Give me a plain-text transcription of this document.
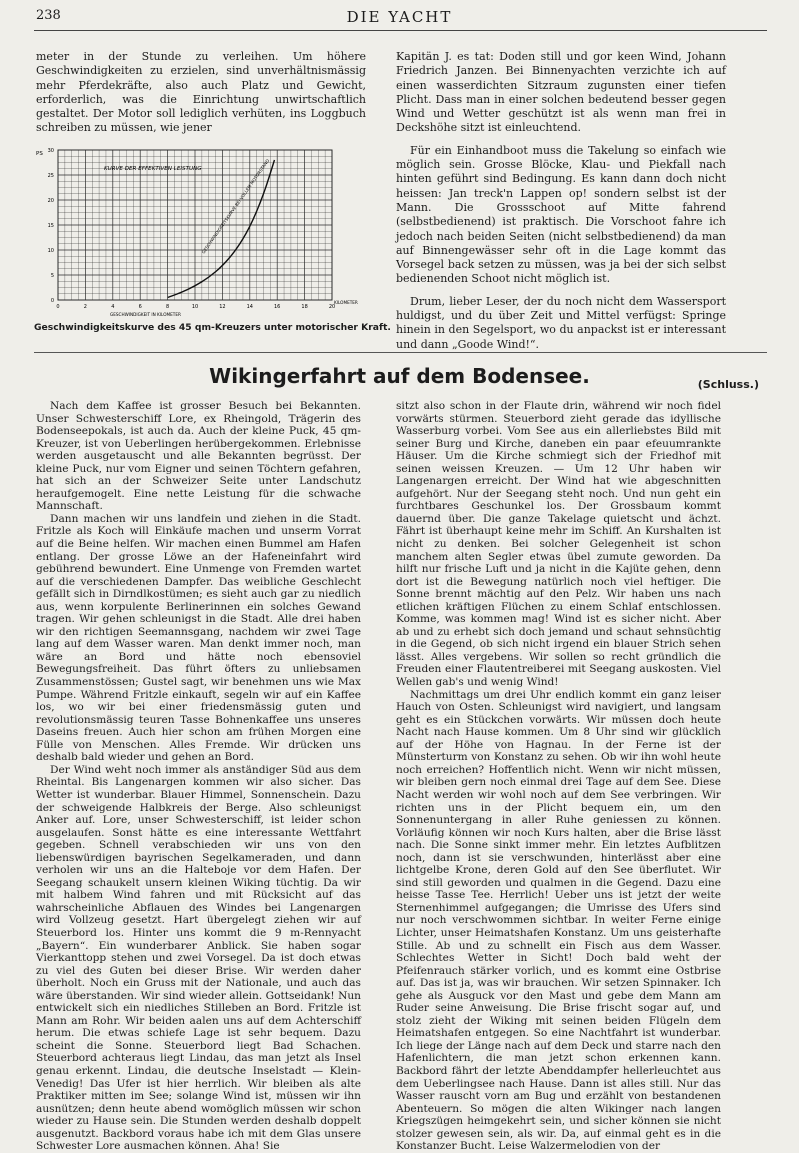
238	DIE YACHT

meter in der Stunde zu verleihen. Um höhere Geschwindigkeiten zu erzielen, sind unverhältnismässig mehr Pferdekräfte, also auch Platz und Gewicht, erforderlich, was die Einrichtung unwirtschaftlich gestaltet. Der Motor soll lediglich verhüten, ins Loggbuch schreiben zu müssen, wie jener

0	2	4	6	8	10	12	14	16	18	20
0
5
10
15
20
25
30
KURVE DER EFFEKTIVEN LEISTUNG GESCHWINDIGKEITSKURVE BEI VOLLEM MOTORSTAND
PS
GESCHWINDIGKEIT IN KILOMETER
KILOMETER
Geschwindigkeitskurve des 45 qm-Kreuzers unter motorischer Kraft.

Kapitän J. es tat: Doden still und gor keen Wind, Johann Friedrich Janzen. Bei Binnenyachten verzichte ich auf einen wasserdichten Sitzraum zugunsten einer tiefen Plicht. Dass man in einer solchen bedeutend besser gegen Wind und Wetter geschützt ist als wenn man frei in Deckshöhe sitzt ist einleuchtend.

Für ein Einhandboot muss die Takelung so einfach wie möglich sein. Grosse Blöcke, Klau- und Piekfall nach hinten geführt sind Bedingung. Es kann dann doch nicht heissen: Jan treck'n Lappen op! sondern selbst ist der Mann. Die Grossschoot auf Mitte fahrend (selbstbedienend) ist praktisch. Die Vorschoot fahre ich jedoch nach beiden Seiten (nicht selbstbedienend) da man auf Binnengewässer sehr oft in die Lage kommt das Vorsegel back setzen zu müssen, was ja bei der sich selbst bedienenden Schoot nicht möglich ist.

Drum, lieber Leser, der du noch nicht dem Wassersport huldigst, und du über Zeit und Mittel verfügst: Springe hinein in den Segelsport, wo du anpackst ist er interessant und dann „Goode Wind!“.

Wikingerfahrt auf dem Bodensee.	(Schluss.)

Nach dem Kaffee ist grosser Besuch bei Bekannten. Unser Schwesterschiff Lore, ex Rheingold, Trägerin des Bodenseepokals, ist auch da. Auch der kleine Puck, 45 qm-Kreuzer, ist von Ueberlingen herübergekommen. Erlebnisse werden ausgetauscht und alle Bekannten begrüsst. Der kleine Puck, nur vom Eigner und seinen Töchtern gefahren, hat sich an der Schweizer Seite unter Landschutz heraufgemogelt. Eine nette Leistung für die schwache Mannschaft.

Dann machen wir uns landfein und ziehen in die Stadt. Fritzle als Koch will Einkäufe machen und unserm Vorrat auf die Beine helfen. Wir machen einen Bummel am Hafen entlang. Der grosse Löwe an der Hafeneinfahrt wird gebührend bewundert. Eine Unmenge von Fremden wartet auf die verschiedenen Dampfer. Das weibliche Geschlecht gefällt sich in Dirndlkostümen; es sieht auch gar zu niedlich aus, wenn korpulente Berlinerinnen ein solches Gewand tragen. Wir gehen schleunigst in die Stadt. Alle drei haben wir den richtigen Seemannsgang, nachdem wir zwei Tage lang auf dem Wasser waren. Man denkt immer noch, man wäre an Bord und hätte noch ebensoviel Bewegungsfreiheit. Das führt öfters zu unliebsamen Zusammenstössen; Gustel sagt, wir benehmen uns wie Max Pumpe. Während Fritzle einkauft, segeln wir auf ein Kaffee los, wo wir bei einer friedensmässig guten und revolutionsmässig teuren Tasse Bohnenkaffee uns unseres Daseins freuen. Auch hier schon am frühen Morgen eine Fülle von Menschen. Alles Fremde. Wir drücken uns deshalb bald wieder und gehen an Bord.

Der Wind weht noch immer als anständiger Süd aus dem Rheintal. Bis Langenargen kommen wir also sicher. Das Wetter ist wunderbar. Blauer Himmel, Sonnenschein. Dazu der schweigende Halbkreis der Berge. Also schleunigst Anker auf. Lore, unser Schwesterschiff, ist leider schon ausgelaufen. Sonst hätte es eine interessante Wettfahrt gegeben. Schnell verabschieden wir uns von den liebenswürdigen bayrischen Segelkameraden, und dann verholen wir uns an die Halteboje vor dem Hafen. Der Seegang schaukelt unsern kleinen Wiking tüchtig. Da wir mit halbem Wind fahren und mit Rücksicht auf das wahrscheinliche Abflauen des Windes bei Langenargen wird Vollzeug gesetzt. Hart übergelegt ziehen wir auf Steuerbord los. Hinter uns kommt die 9 m-Rennyacht „Bayern“. Ein wunderbarer Anblick. Sie haben sogar Vierkanttopp stehen und zwei Vorsegel. Da ist doch etwas zu viel des Guten bei dieser Brise. Wir werden daher überholt. Noch ein Gruss mit der Nationale, und auch das wäre überstanden. Wir sind wieder allein. Gottseidank! Nun entwickelt sich ein niedliches Stilleben an Bord. Fritzle ist Mann am Rohr. Wir beiden aalen uns auf dem Achterschiff herum. Die etwas schiefe Lage ist sehr bequem. Dazu scheint die Sonne. Steuerbord liegt Bad Schachen. Steuerbord achteraus liegt Lindau, das man jetzt als Insel genau erkennt. Lindau, die deutsche Inselstadt — Klein-Venedig! Das Ufer ist hier herrlich. Wir bleiben als alte Praktiker mitten im See; solange Wind ist, müssen wir ihn ausnützen; denn heute abend womöglich müssen wir schon wieder zu Hause sein. Die Stunden werden deshalb doppelt ausgenutzt. Backbord voraus habe ich mit dem Glas unsere Schwester Lore ausmachen können. Aha! Sie

sitzt also schon in der Flaute drin, während wir noch fidel vorwärts stürmen. Steuerbord zieht gerade das idyllische Wasserburg vorbei. Vom See aus ein allerliebstes Bild mit seiner Burg und Kirche, daneben ein paar efeuumrankte Häuser. Um die Kirche schmiegt sich der Friedhof mit seinen weissen Kreuzen. — Um 12 Uhr haben wir Langenargen erreicht. Der Wind hat wie abgeschnitten aufgehört. Nur der Seegang steht noch. Und nun geht ein furchtbares Geschunkel los. Der Grossbaum kommt dauernd über. Die ganze Takelage quietscht und ächzt. Fährt ist überhaupt keine mehr im Schiff. An Kurshalten ist nicht zu denken. Bei solcher Gelegenheit ist schon manchem alten Segler etwas übel zumute geworden. Da hilft nur frische Luft und ja nicht in die Kajüte gehen, denn dort ist die Bewegung natürlich noch viel heftiger. Die Sonne brennt mächtig auf den Pelz. Wir haben uns nach etlichen kräftigen Flüchen zu einem Schlaf entschlossen. Komme, was kommen mag! Wind ist es sicher nicht. Aber ab und zu erhebt sich doch jemand und schaut sehnsüchtig in die Gegend, ob sich nicht irgend ein blauer Strich sehen lässt. Alles vergebens. Wir sollen so recht gründlich die Freuden einer Flautentreiberei mit Seegang auskosten. Viel Wellen gab's und wenig Wind!

Nachmittags um drei Uhr endlich kommt ein ganz leiser Hauch von Osten. Schleunigst wird navigiert, und langsam geht es ein Stückchen vorwärts. Wir müssen doch heute Nacht nach Hause kommen. Um 8 Uhr sind wir glücklich auf der Höhe von Hagnau. In der Ferne ist der Münsterturm von Konstanz zu sehen. Ob wir ihn wohl heute noch erreichen? Hoffentlich nicht. Wenn wir nicht müssen, wir bleiben gern noch einmal drei Tage auf dem See. Diese Nacht werden wir wohl noch auf dem See verbringen. Wir richten uns in der Plicht bequem ein, um den Sonnenuntergang in aller Ruhe geniessen zu können. Vorläufig können wir noch Kurs halten, aber die Brise lässt nach. Die Sonne sinkt immer mehr. Ein letztes Aufblitzen noch, dann ist sie verschwunden, hinterlässt aber eine lichtgelbe Krone, deren Gold auf den See überflutet. Wir sind still geworden und qualmen in die Gegend. Dazu eine heisse Tasse Tee. Herrlich! Ueber uns ist jetzt der weite Sternenhimmel aufgegangen; die Umrisse des Ufers sind nur noch verschwommen sichtbar. In weiter Ferne einige Lichter, unser Heimatshafen Konstanz. Um uns geisterhafte Stille. Ab und zu schnellt ein Fisch aus dem Wasser. Schlechtes Wetter in Sicht! Doch bald weht der Pfeifenrauch stärker vorlich, und es kommt eine Ostbrise auf. Das ist ja, was wir brauchen. Wir setzen Spinnaker. Ich gehe als Ausguck vor den Mast und gebe dem Mann am Ruder seine Anweisung. Die Brise frischt sogar auf, und stolz zieht der Wiking mit seinen beiden Flügeln dem Heimatshafen entgegen. So eine Nachtfahrt ist wunderbar. Ich liege der Länge nach auf dem Deck und starre nach den Hafenlichtern, die man jetzt schon erkennen kann. Backbord fährt der letzte Abenddampfer hellerleuchtet aus dem Ueberlingsee nach Hause. Dann ist alles still. Nur das Wasser rauscht vorn am Bug und erzählt von bestandenen Abenteuern. So mögen die alten Wikinger nach langen Kriegszügen heimgekehrt sein, und sicher können sie nicht stolzer gewesen sein, als wir. Da, auf einmal geht es in die Konstanzer Bucht. Leise Walzermelodien von der
